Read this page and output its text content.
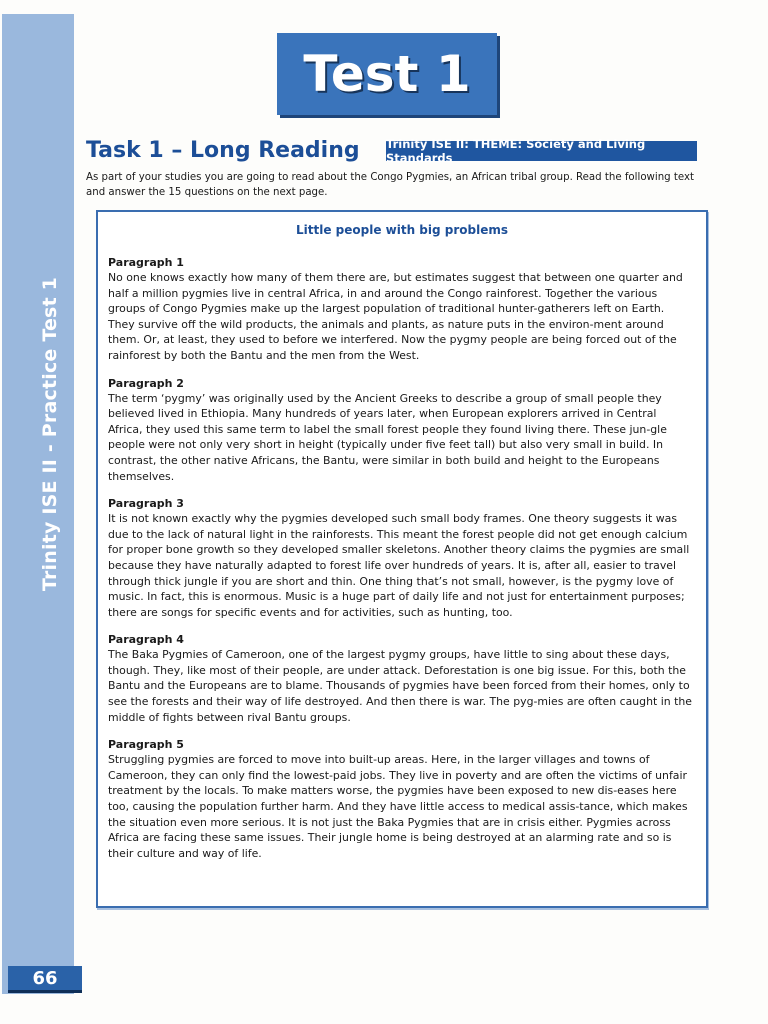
Trinity ISE II - Practice Test 1
66
Test 1
Task 1 – Long Reading Trinity ISE II: THEME: Society and Living Standards
As part of your studies you are going to read about the Congo Pygmies, an African tribal group. Read the following text and answer the 15 questions on the next page.
Little people with big problems
Paragraph 1
No one knows exactly how many of them there are, but estimates suggest that between one quarter and half a million pygmies live in central Africa, in and around the Congo rainforest. Together the various groups of Congo Pygmies make up the largest population of traditional hunter-gatherers left on Earth. They survive off the wild products, the animals and plants, as nature puts in the environ-ment around them. Or, at least, they used to before we interfered. Now the pygmy people are being forced out of the rainforest by both the Bantu and the men from the West.
Paragraph 2
The term ‘pygmy’ was originally used by the Ancient Greeks to describe a group of small people they believed lived in Ethiopia. Many hundreds of years later, when European explorers arrived in Central Africa, they used this same term to label the small forest people they found living there. These jun-gle people were not only very short in height (typically under five feet tall) but also very small in build. In contrast, the other native Africans, the Bantu, were similar in both build and height to the Europeans themselves.
Paragraph 3
It is not known exactly why the pygmies developed such small body frames. One theory suggests it was due to the lack of natural light in the rainforests. This meant the forest people did not get enough calcium for proper bone growth so they developed smaller skeletons. Another theory claims the pygmies are small because they have naturally adapted to forest life over hundreds of years. It is, after all, easier to travel through thick jungle if you are short and thin. One thing that’s not small, however, is the pygmy love of music. In fact, this is enormous. Music is a huge part of daily life and not just for entertainment purposes; there are songs for specific events and for activities, such as hunting, too.
Paragraph 4
The Baka Pygmies of Cameroon, one of the largest pygmy groups, have little to sing about these days, though. They, like most of their people, are under attack. Deforestation is one big issue. For this, both the Bantu and the Europeans are to blame. Thousands of pygmies have been forced from their homes, only to see the forests and their way of life destroyed. And then there is war. The pyg-mies are often caught in the middle of fights between rival Bantu groups.
Paragraph 5
Struggling pygmies are forced to move into built-up areas. Here, in the larger villages and towns of Cameroon, they can only find the lowest-paid jobs. They live in poverty and are often the victims of unfair treatment by the locals. To make matters worse, the pygmies have been exposed to new dis-eases here too, causing the population further harm. And they have little access to medical assis-tance, which makes the situation even more serious. It is not just the Baka Pygmies that are in crisis either. Pygmies across Africa are facing these same issues. Their jungle home is being destroyed at an alarming rate and so is their culture and way of life.
